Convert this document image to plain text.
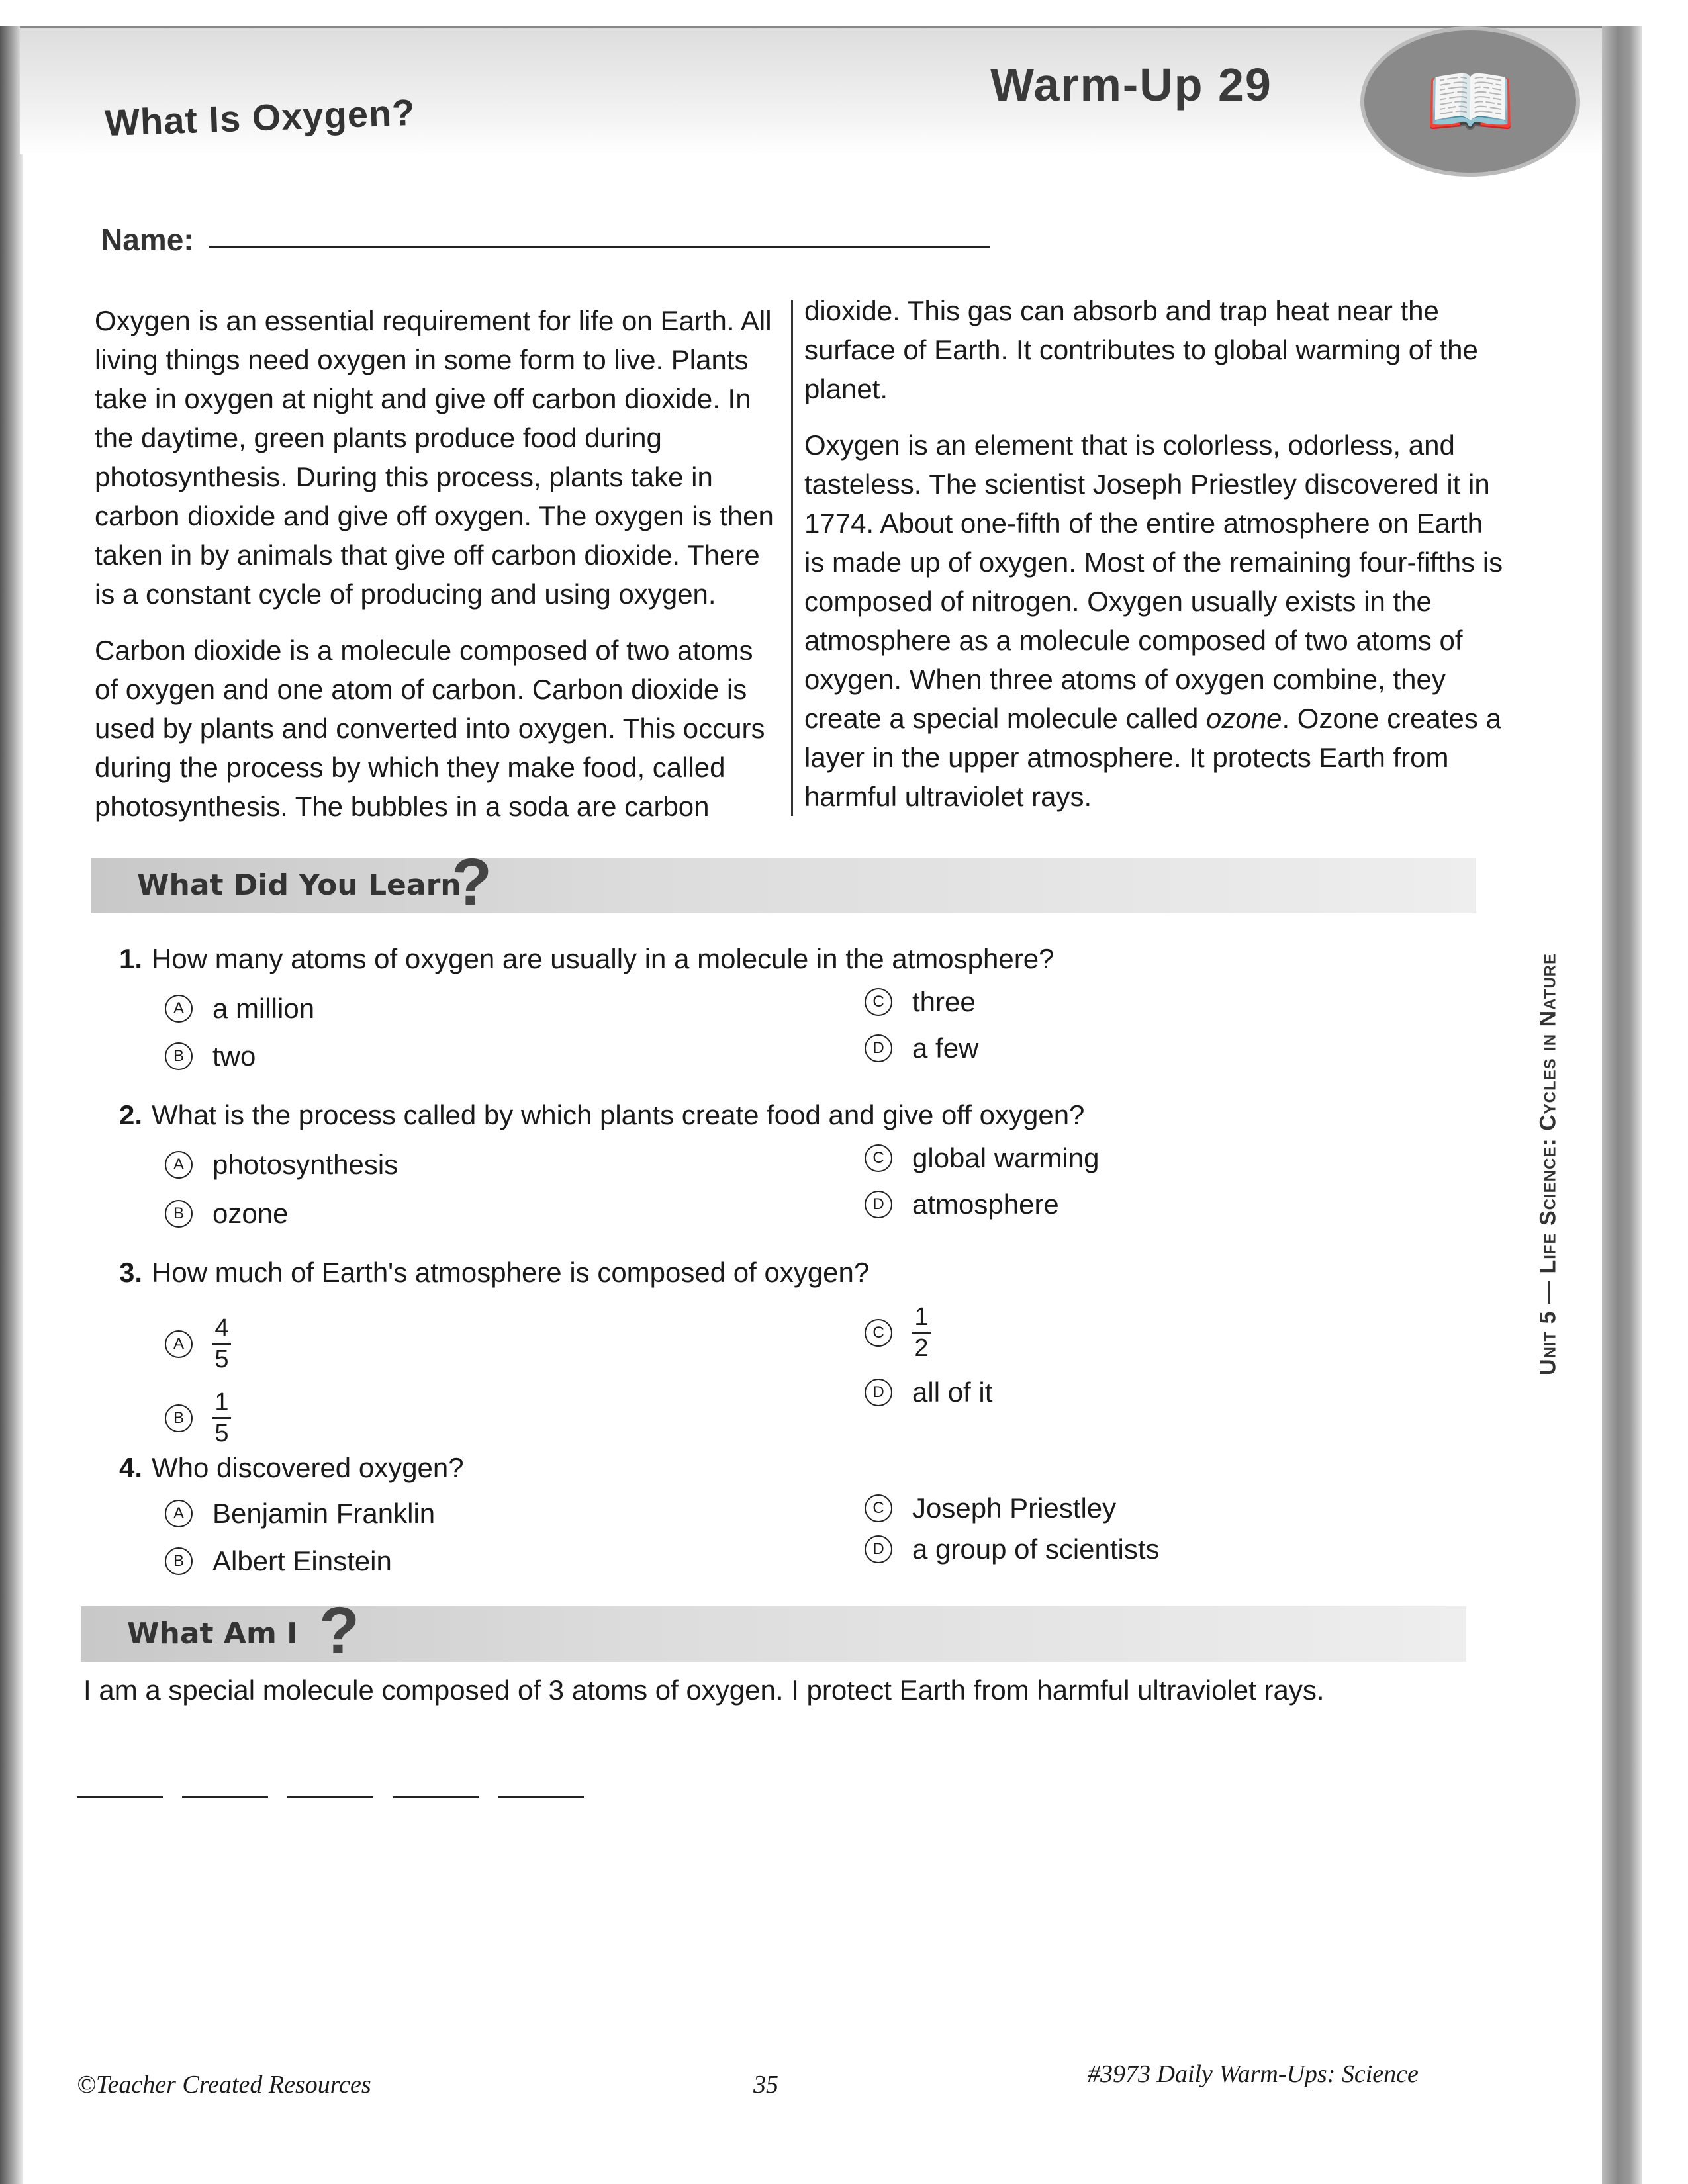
What Is Oxygen?
Warm-Up 29	📖
Name:

Oxygen is an essential requirement for life on Earth. All living things need oxygen in some form to live. Plants take in oxygen at night and give off carbon dioxide. In the daytime, green plants produce food during photosynthesis. During this process, plants take in carbon dioxide and give off oxygen. The oxygen is then taken in by animals that give off carbon dioxide. There is a constant cycle of producing and using oxygen.

Carbon dioxide is a molecule composed of two atoms of oxygen and one atom of carbon. Carbon dioxide is used by plants and converted into oxygen. This occurs during the process by which they make food, called photosynthesis. The bubbles in a soda are carbon

dioxide. This gas can absorb and trap heat near the surface of Earth. It contributes to global warming of the planet.

Oxygen is an element that is colorless, odorless, and tasteless. The scientist Joseph Priestley discovered it in 1774. About one-fifth of the entire atmosphere on Earth is made up of oxygen. Most of the remaining four-fifths is composed of nitrogen. Oxygen usually exists in the atmosphere as a molecule composed of two atoms of oxygen. When three atoms of oxygen combine, they create a special molecule called ozone. Ozone creates a layer in the upper atmosphere. It protects Earth from harmful ultraviolet rays.

What Did You Learn
?
1. How many atoms of oxygen are usually in a molecule in the atmosphere?
A	a million
B	two
C three
D a few
2. What is the process called by which plants create food and give off oxygen?
A	photosynthesis
B	ozone
C global warming
D atmosphere
3. How much of Earth's atmosphere is composed of oxygen?
A	$\frac{4}{5}$
B	$\frac{1}{5}$
C	$\frac{1}{2}$
D all of it
4. Who discovered oxygen?
A	Benjamin Franklin
B	Albert Einstein
C Joseph Priestley
D a group of scientists
What Am I ?
I am a special molecule composed of 3 atoms of oxygen. I protect Earth from harmful ultraviolet rays.
©Teacher Created Resources	35	#3973 Daily Warm-Ups: Science
Unit 5 — Life Science: Cycles in Nature
